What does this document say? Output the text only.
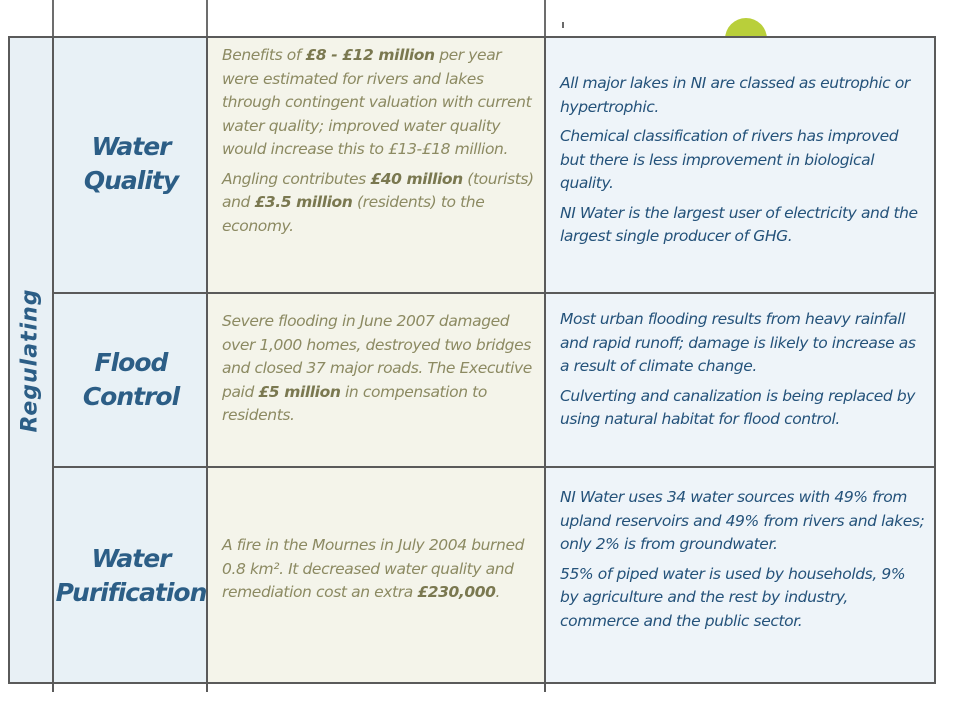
Regulating
Water
Quality

Benefits of £8 - £12 million per year were estimated for rivers and lakes through contingent valuation with current water quality; improved water quality would increase this to £13-£18 million.

Angling contributes £40 million (tourists) and £3.5 million (residents) to the economy.

All major lakes in NI are classed as eutrophic or hypertrophic.

Chemical classification of rivers has improved but there is less improvement in biological quality.

NI Water is the largest user of electricity and the largest single producer of GHG.

Flood
Control

Severe flooding in June 2007 damaged over 1,000 homes, destroyed two bridges and closed 37 major roads. The Executive paid £5 million in compensation to residents.

Most urban flooding results from heavy rainfall and rapid runoff; damage is likely to increase as a result of climate change.

Culverting and canalization is being replaced by using natural habitat for flood control.

Water
Purification

A fire in the Mournes in July 2004 burned 0.8 km². It decreased water quality and remediation cost an extra £230,000.

NI Water uses 34 water sources with 49% from upland reservoirs and 49% from rivers and lakes; only 2% is from groundwater.

55% of piped water is used by households, 9% by agriculture and the rest by industry, commerce and the public sector.
